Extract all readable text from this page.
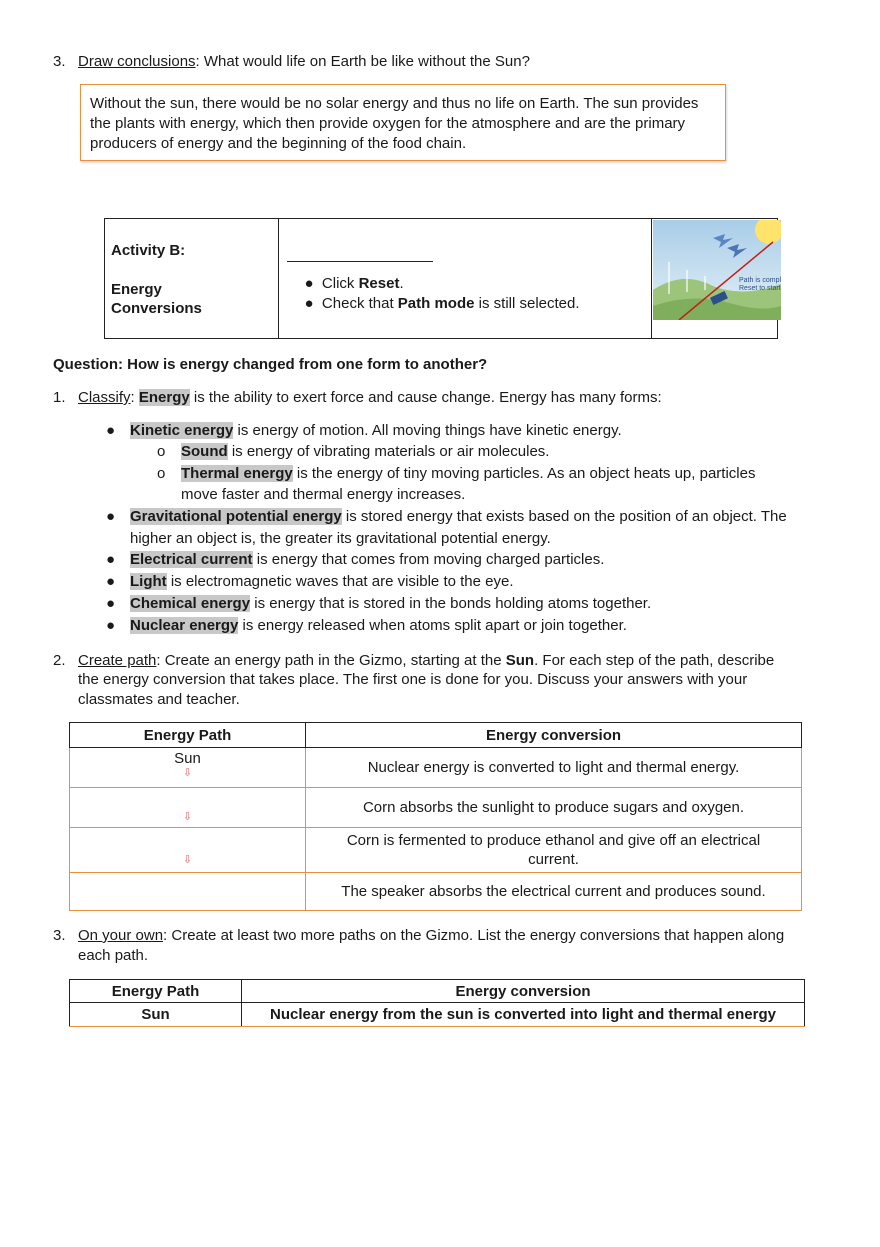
3. Draw conclusions: What would life on Earth be like without the Sun?
Without the sun, there would be no solar energy and thus no life on Earth. The sun provides the plants with energy, which then provide oxygen for the atmosphere and are the primary producers of energy and the beginning of the food chain.
Activity B:
Energy
Conversions

● Click Reset.
● Check that Path mode is still selected.

Path is compl
Reset to start
Question: How is energy changed from one form to another?
1. Classify: Energy is the ability to exert force and cause change. Energy has many forms:
● Kinetic energy is energy of motion. All moving things have kinetic energy.
o Sound is energy of vibrating materials or air molecules.
o Thermal energy is the energy of tiny moving particles. As an object heats up, particles
move faster and thermal energy increases.
● Gravitational potential energy is stored energy that exists based on the position of an object. The
higher an object is, the greater its gravitational potential energy.
● Electrical current is energy that comes from moving charged particles.
● Light is electromagnetic waves that are visible to the eye.
● Chemical energy is energy that is stored in the bonds holding atoms together.
● Nuclear energy is energy released when atoms split apart or join together.
2. Create path: Create an energy path in the Gizmo, starting at the Sun. For each step of the path, describe
the energy conversion that takes place. The first one is done for you. Discuss your answers with your
classmates and teacher.
Energy Path	Energy conversion
Sun
⇩	Nuclear energy is converted to light and thermal energy.

⇩	Corn absorbs the sunlight to produce sugars and oxygen.

⇩	Corn is fermented to produce ethanol and give off an electrical
current.

	The speaker absorbs the electrical current and produces sound.
3. On your own: Create at least two more paths on the Gizmo. List the energy conversions that happen along
each path.
Energy Path	Energy conversion
Sun	Nuclear energy from the sun is converted into light and thermal energy
